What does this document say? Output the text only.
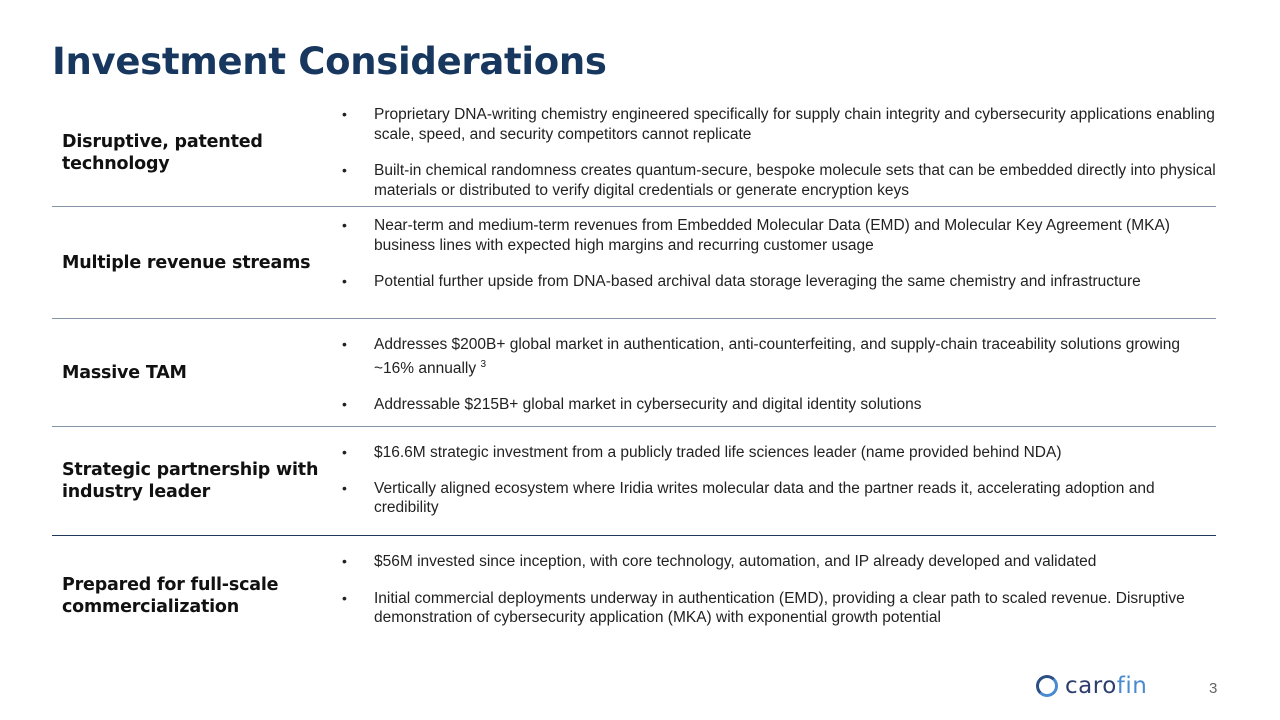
Investment Considerations
Disruptive, patented technology

• Proprietary DNA-writing chemistry engineered specifically for supply chain integrity and cybersecurity applications enabling scale, speed, and security competitors cannot replicate

• Built-in chemical randomness creates quantum-secure, bespoke molecule sets that can be embedded directly into physical materials or distributed to verify digital credentials or generate encryption keys

Multiple revenue streams

• Near-term and medium-term revenues from Embedded Molecular Data (EMD) and Molecular Key Agreement (MKA) business lines with expected high margins and recurring customer usage

• Potential further upside from DNA-based archival data storage leveraging the same chemistry and infrastructure

Massive TAM

• Addresses $200B+ global market in authentication, anti-counterfeiting, and supply-chain traceability solutions growing ~16% annually $^3$

• Addressable $215B+ global market in cybersecurity and digital identity solutions

Strategic partnership with industry leader

• $16.6M strategic investment from a publicly traded life sciences leader (name provided behind NDA)

• Vertically aligned ecosystem where Iridia writes molecular data and the partner reads it, accelerating adoption and credibility

Prepared for full-scale commercialization

• $56M invested since inception, with core technology, automation, and IP already developed and validated

• Initial commercial deployments underway in authentication (EMD), providing a clear path to scaled revenue. Disruptive demonstration of cybersecurity application (MKA) with exponential growth potential

carofin	3
